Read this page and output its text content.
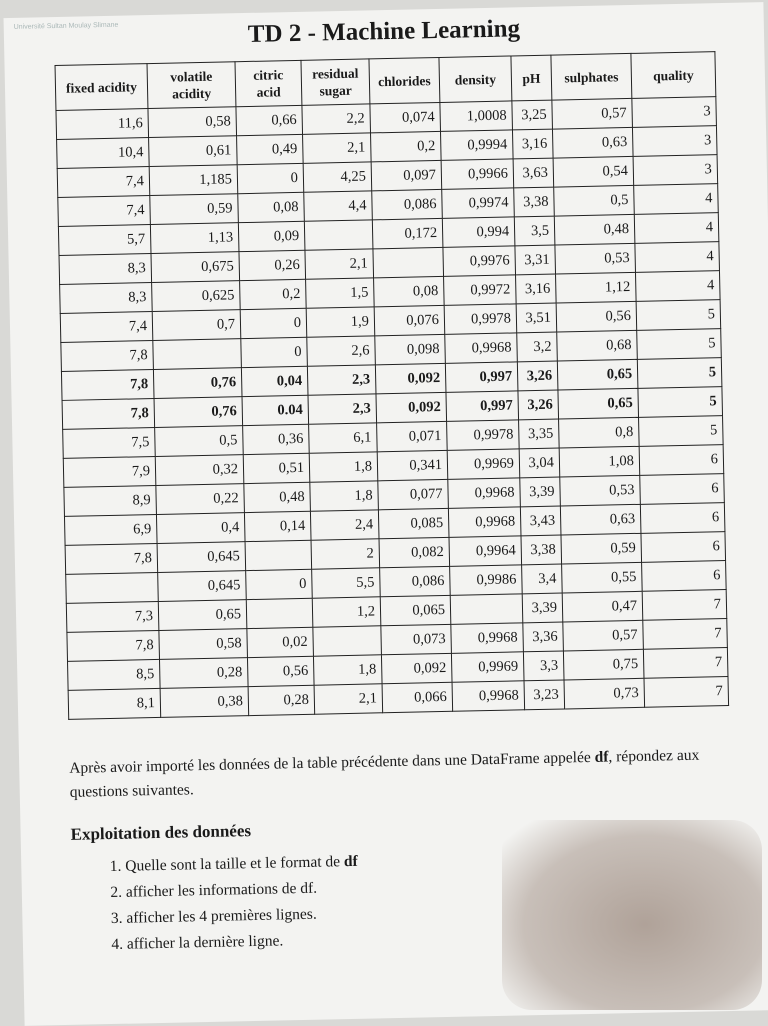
Université Sultan Moulay Slimane	TD 2 - Machine Learning
fixed acidity	volatile acidity	citric acid	residual sugar	chlorides	density	pH	sulphates	quality
11,6	0,58	0,66	2,2	0,074	1,0008	3,25	0,57	3
10,4	0,61	0,49	2,1	0,2	0,9994	3,16	0,63	3
7,4	1,185	0	4,25	0,097	0,9966	3,63	0,54	3
7,4	0,59	0,08	4,4	0,086	0,9974	3,38	0,5	4
5,7	1,13	0,09		0,172	0,994	3,5	0,48	4
8,3	0,675	0,26	2,1		0,9976	3,31	0,53	4
8,3	0,625	0,2	1,5	0,08	0,9972	3,16	1,12	4
7,4	0,7	0	1,9	0,076	0,9978	3,51	0,56	5
7,8		0	2,6	0,098	0,9968	3,2	0,68	5
7,8	0,76	0,04	2,3	0,092	0,997	3,26	0,65	5
7,8	0,76	0.04	2,3	0,092	0,997	3,26	0,65	5
7,5	0,5	0,36	6,1	0,071	0,9978	3,35	0,8	5
7,9	0,32	0,51	1,8	0,341	0,9969	3,04	1,08	6
8,9	0,22	0,48	1,8	0,077	0,9968	3,39	0,53	6
6,9	0,4	0,14	2,4	0,085	0,9968	3,43	0,63	6
7,8	0,645		2	0,082	0,9964	3,38	0,59	6
	0,645	0	5,5	0,086	0,9986	3,4	0,55	6
7,3	0,65		1,2	0,065		3,39	0,47	7
7,8	0,58	0,02		0,073	0,9968	3,36	0,57	7
8,5	0,28	0,56	1,8	0,092	0,9969	3,3	0,75	7
8,1	0,38	0,28	2,1	0,066	0,9968	3,23	0,73	7
Après avoir importé les données de la table précédente dans une DataFrame appelée df, répondez aux questions suivantes.
Exploitation des données
1. Quelle sont la taille et le format de df
2. afficher les informations de df.
3. afficher les 4 premières lignes.
4. afficher la dernière ligne.
